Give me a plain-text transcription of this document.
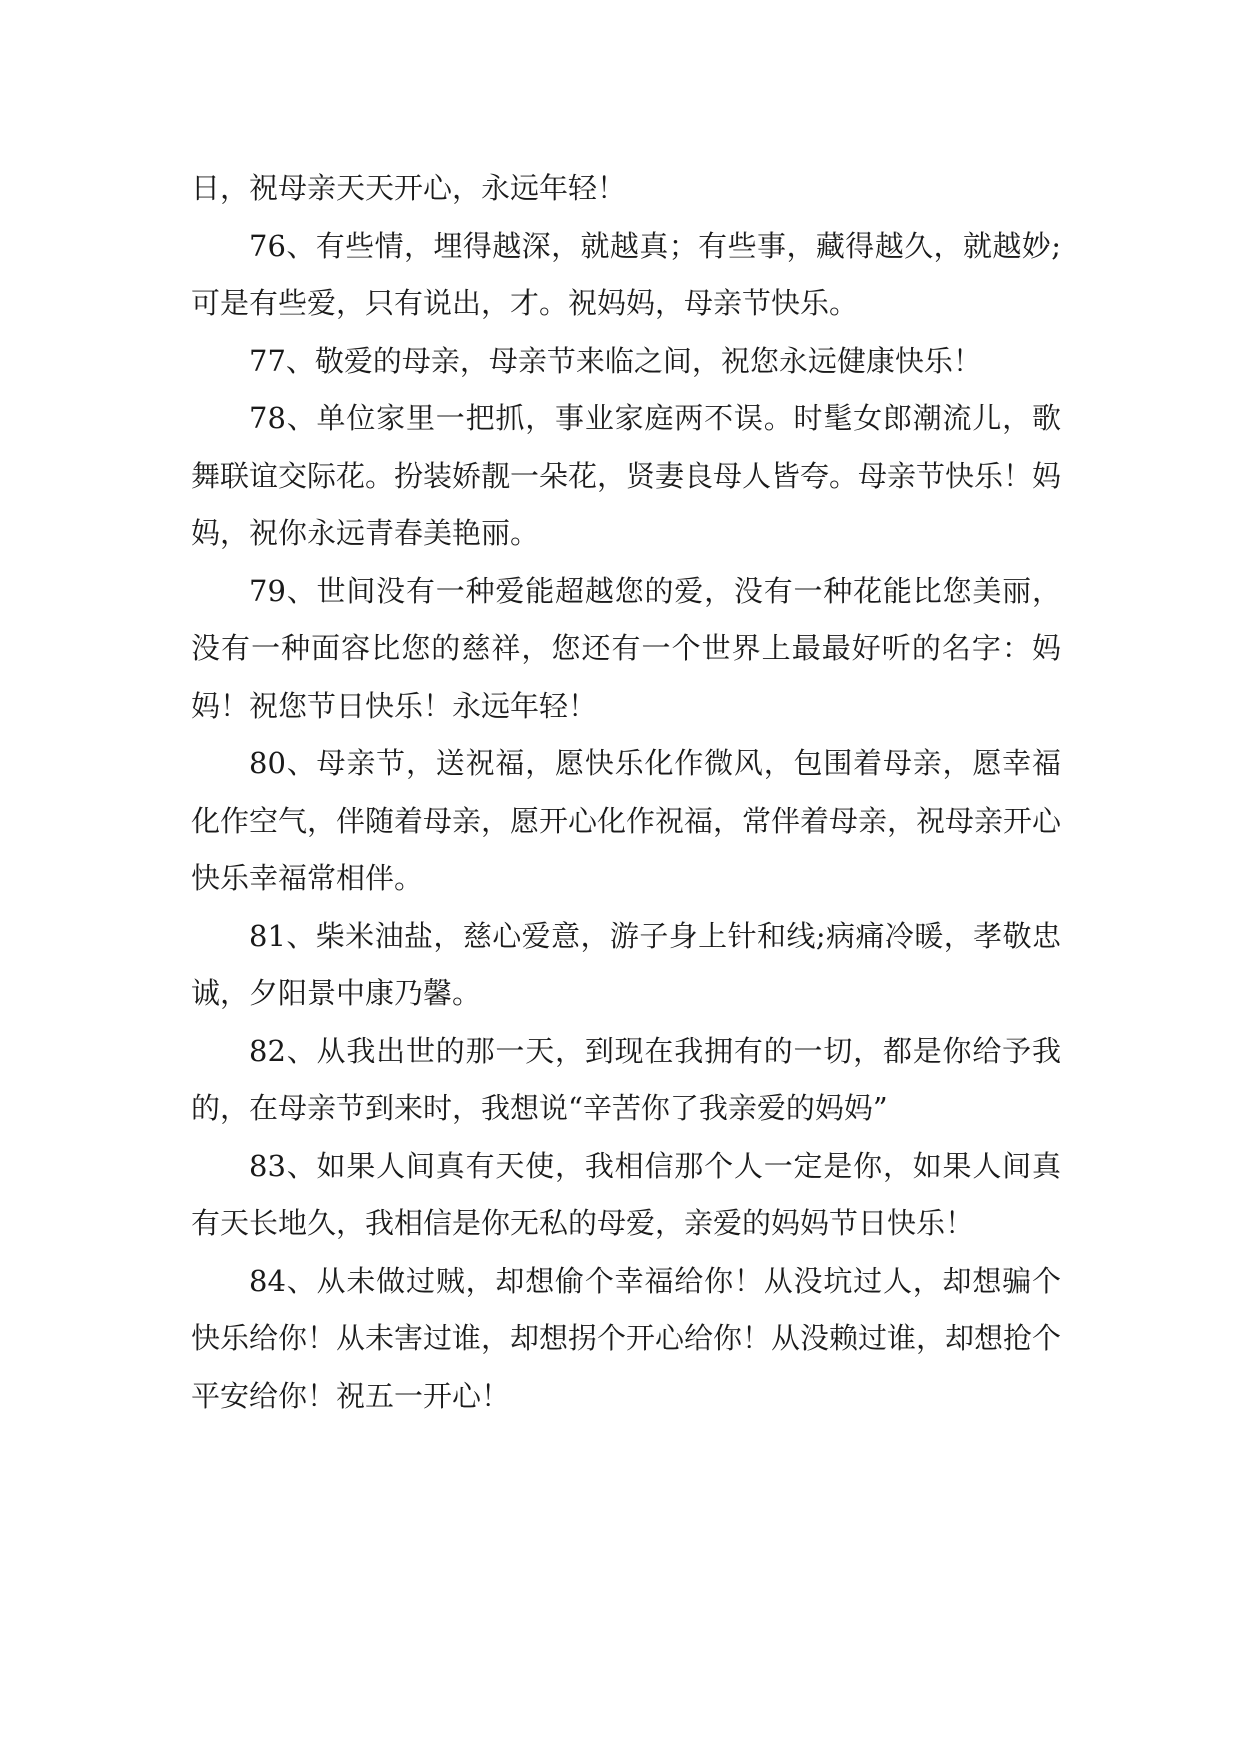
日，祝母亲天天开心，永远年轻！

76、有些情，埋得越深，就越真；有些事，藏得越久，就越妙;可是有些爱，只有说出，才。祝妈妈，母亲节快乐。

77、敬爱的母亲，母亲节来临之间，祝您永远健康快乐！

78、单位家里一把抓，事业家庭两不误。时髦女郎潮流儿，歌舞联谊交际花。扮装娇靓一朵花，贤妻良母人皆夸。母亲节快乐！妈妈，祝你永远青春美艳丽。

79、世间没有一种爱能超越您的爱，没有一种花能比您美丽，没有一种面容比您的慈祥，您还有一个世界上最最好听的名字：妈妈！祝您节日快乐！永远年轻！

80、母亲节，送祝福，愿快乐化作微风，包围着母亲，愿幸福化作空气，伴随着母亲，愿开心化作祝福，常伴着母亲，祝母亲开心快乐幸福常相伴。

81、柴米油盐，慈心爱意，游子身上针和线;病痛冷暖，孝敬忠诚，夕阳景中康乃馨。

82、从我出世的那一天，到现在我拥有的一切，都是你给予我的，在母亲节到来时，我想说“辛苦你了我亲爱的妈妈”

83、如果人间真有天使，我相信那个人一定是你，如果人间真有天长地久，我相信是你无私的母爱，亲爱的妈妈节日快乐！

84、从未做过贼，却想偷个幸福给你！从没坑过人，却想骗个快乐给你！从未害过谁，却想拐个开心给你！从没赖过谁，却想抢个平安给你！祝五一开心！
